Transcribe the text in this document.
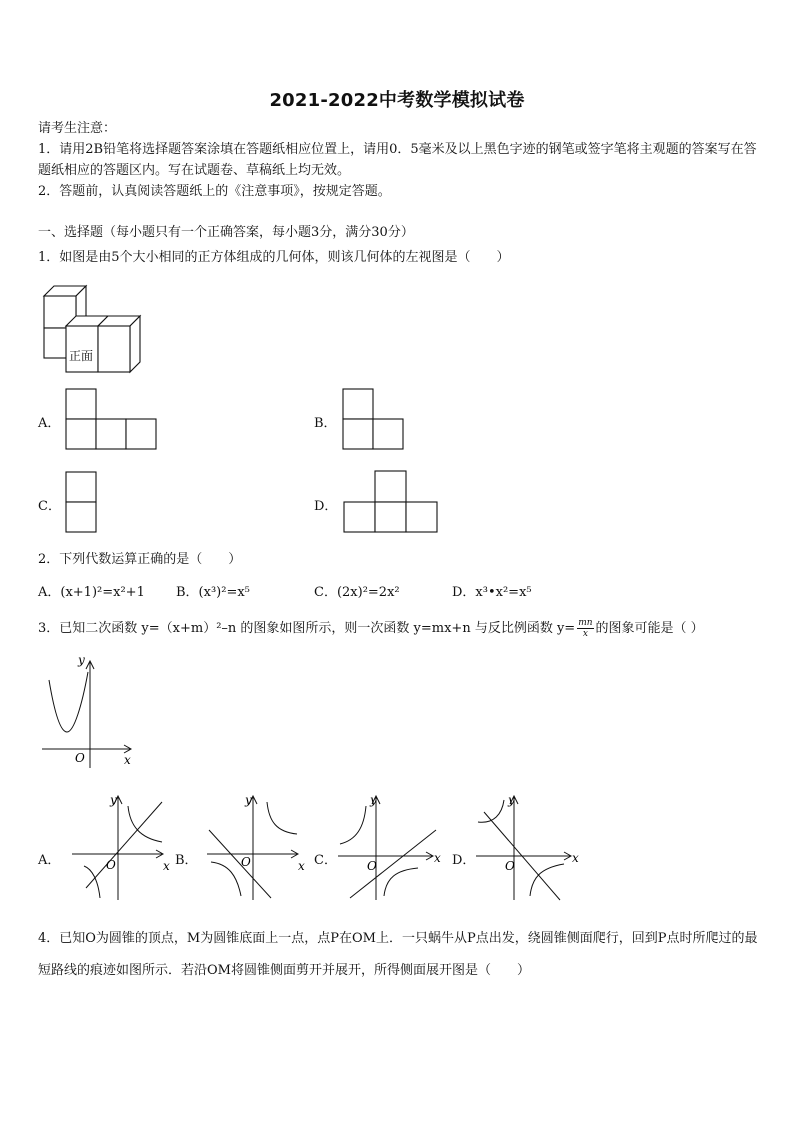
2021-2022中考数学模拟试卷
请考生注意：
1．请用2B铅笔将选择题答案涂填在答题纸相应位置上，请用0．5毫米及以上黑色字迹的钢笔或签字笔将主观题的答案写在答题纸相应的答题区内。写在试题卷、草稿纸上均无效。
2．答题前，认真阅读答题纸上的《注意事项》，按规定答题。
一、选择题（每小题只有一个正确答案，每小题3分，满分30分）
1．如图是由5个大小相同的正方体组成的几何体，则该几何体的左视图是（　　）
正面
A．	B．
C．	D．
2．下列代数运算正确的是（　　）
A．(x+1)²=x²+1 B．(x³)²=x⁵	C．(2x)²=2x²	D．x³•x²=x⁵
3．已知二次函数 y=（x+m）²–n 的图象如图所示，则一次函数 y=mx+n 与反比例函数 $y= \frac{mn}{x}$ 的图象可能是（ ）
y
x
O
A．
y
x
O	B．
y
x
O	C．
y
x
O	D．
y
x
O
4．已知O为圆锥的顶点，M为圆锥底面上一点，点P在OM上．一只蜗牛从P点出发，绕圆锥侧面爬行，回到P点时所爬过的最短路线的痕迹如图所示．若沿OM将圆锥侧面剪开并展开，所得侧面展开图是（　　）
